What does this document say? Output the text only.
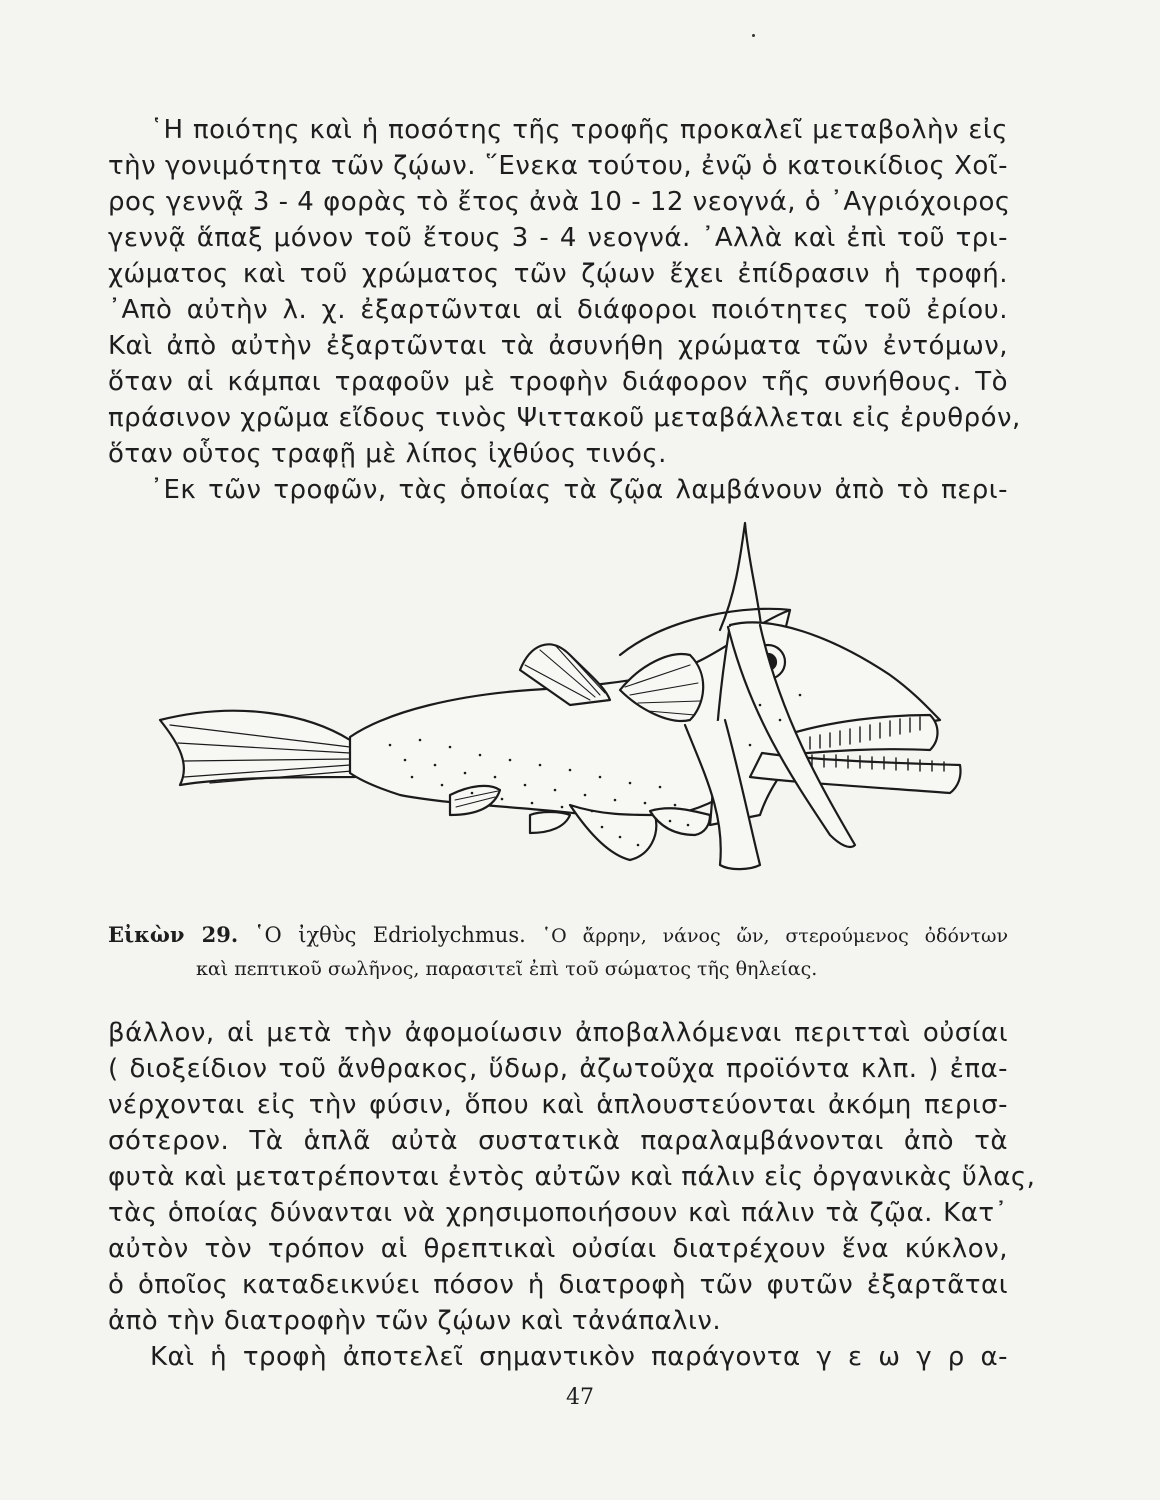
῾Η ποιότης καὶ ἡ ποσότης τῆς τροφῆς προκαλεῖ μεταβολὴν εἰς
τὴν γονιμότητα τῶν ζῴων. ῞Ενεκα τούτου, ἐνῷ ὁ κατοικίδιος Χοῖ-
ρος γεννᾷ 3 - 4 φορὰς τὸ ἔτος ἀνὰ 10 - 12 νεογνά, ὁ ᾿Αγριόχοιρος
γεννᾷ ἅπαξ μόνον τοῦ ἔτους 3 - 4 νεογνά. ᾿Αλλὰ καὶ ἐπὶ τοῦ τρι-
χώματος καὶ τοῦ χρώματος τῶν ζῴων ἔχει ἐπίδρασιν ἡ τροφή.
᾿Απὸ αὐτὴν λ. χ. ἐξαρτῶνται αἱ διάφοροι ποιότητες τοῦ ἐρίου.
Καὶ ἀπὸ αὐτὴν ἐξαρτῶνται τὰ ἀσυνήθη χρώματα τῶν ἐντόμων,
ὅταν αἱ κάμπαι τραφοῦν μὲ τροφὴν διάφορον τῆς συνήθους. Τὸ
πράσινον χρῶμα εἴδους τινὸς Ψιττακοῦ μεταβάλλεται εἰς ἐρυθρόν,
ὅταν οὗτος τραφῇ μὲ λίπος ἰχθύος τινός.
᾿Εκ τῶν τροφῶν, τὰς ὁποίας τὰ ζῷα λαμβάνουν ἀπὸ τὸ περι-
Εἰκὼν 29. ῾Ο ἰχθὺς Edriolychmus. ῾Ο ἄρρην, νάνος ὤν, στερούμενος ὀδόντων
καὶ πεπτικοῦ σωλῆνος, παρασιτεῖ ἐπὶ τοῦ σώματος τῆς θηλείας.
βάλλον, αἱ μετὰ τὴν ἀφομοίωσιν ἀποβαλλόμεναι περιτταὶ οὐσίαι
( διοξείδιον τοῦ ἄνθρακος, ὕδωρ, ἀζωτοῦχα προϊόντα κλπ. ) ἐπα-
νέρχονται εἰς τὴν φύσιν, ὅπου καὶ ἁπλουστεύονται ἀκόμη περισ-
σότερον. Τὰ ἁπλᾶ αὐτὰ συστατικὰ παραλαμβάνονται ἀπὸ τὰ
φυτὰ καὶ μετατρέπονται ἐντὸς αὐτῶν καὶ πάλιν εἰς ὀργανικὰς ὕλας,
τὰς ὁποίας δύνανται νὰ χρησιμοποιήσουν καὶ πάλιν τὰ ζῷα. Κατ᾿
αὐτὸν τὸν τρόπον αἱ θρεπτικαὶ οὐσίαι διατρέχουν ἕνα κύκλον,
ὁ ὁποῖος καταδεικνύει πόσον ἡ διατροφὴ τῶν φυτῶν ἐξαρτᾶται
ἀπὸ τὴν διατροφὴν τῶν ζῴων καὶ τἀνάπαλιν.
Καὶ ἡ τροφὴ ἀποτελεῖ σημαντικὸν παράγοντα γ ε ω γ ρ α-
47
